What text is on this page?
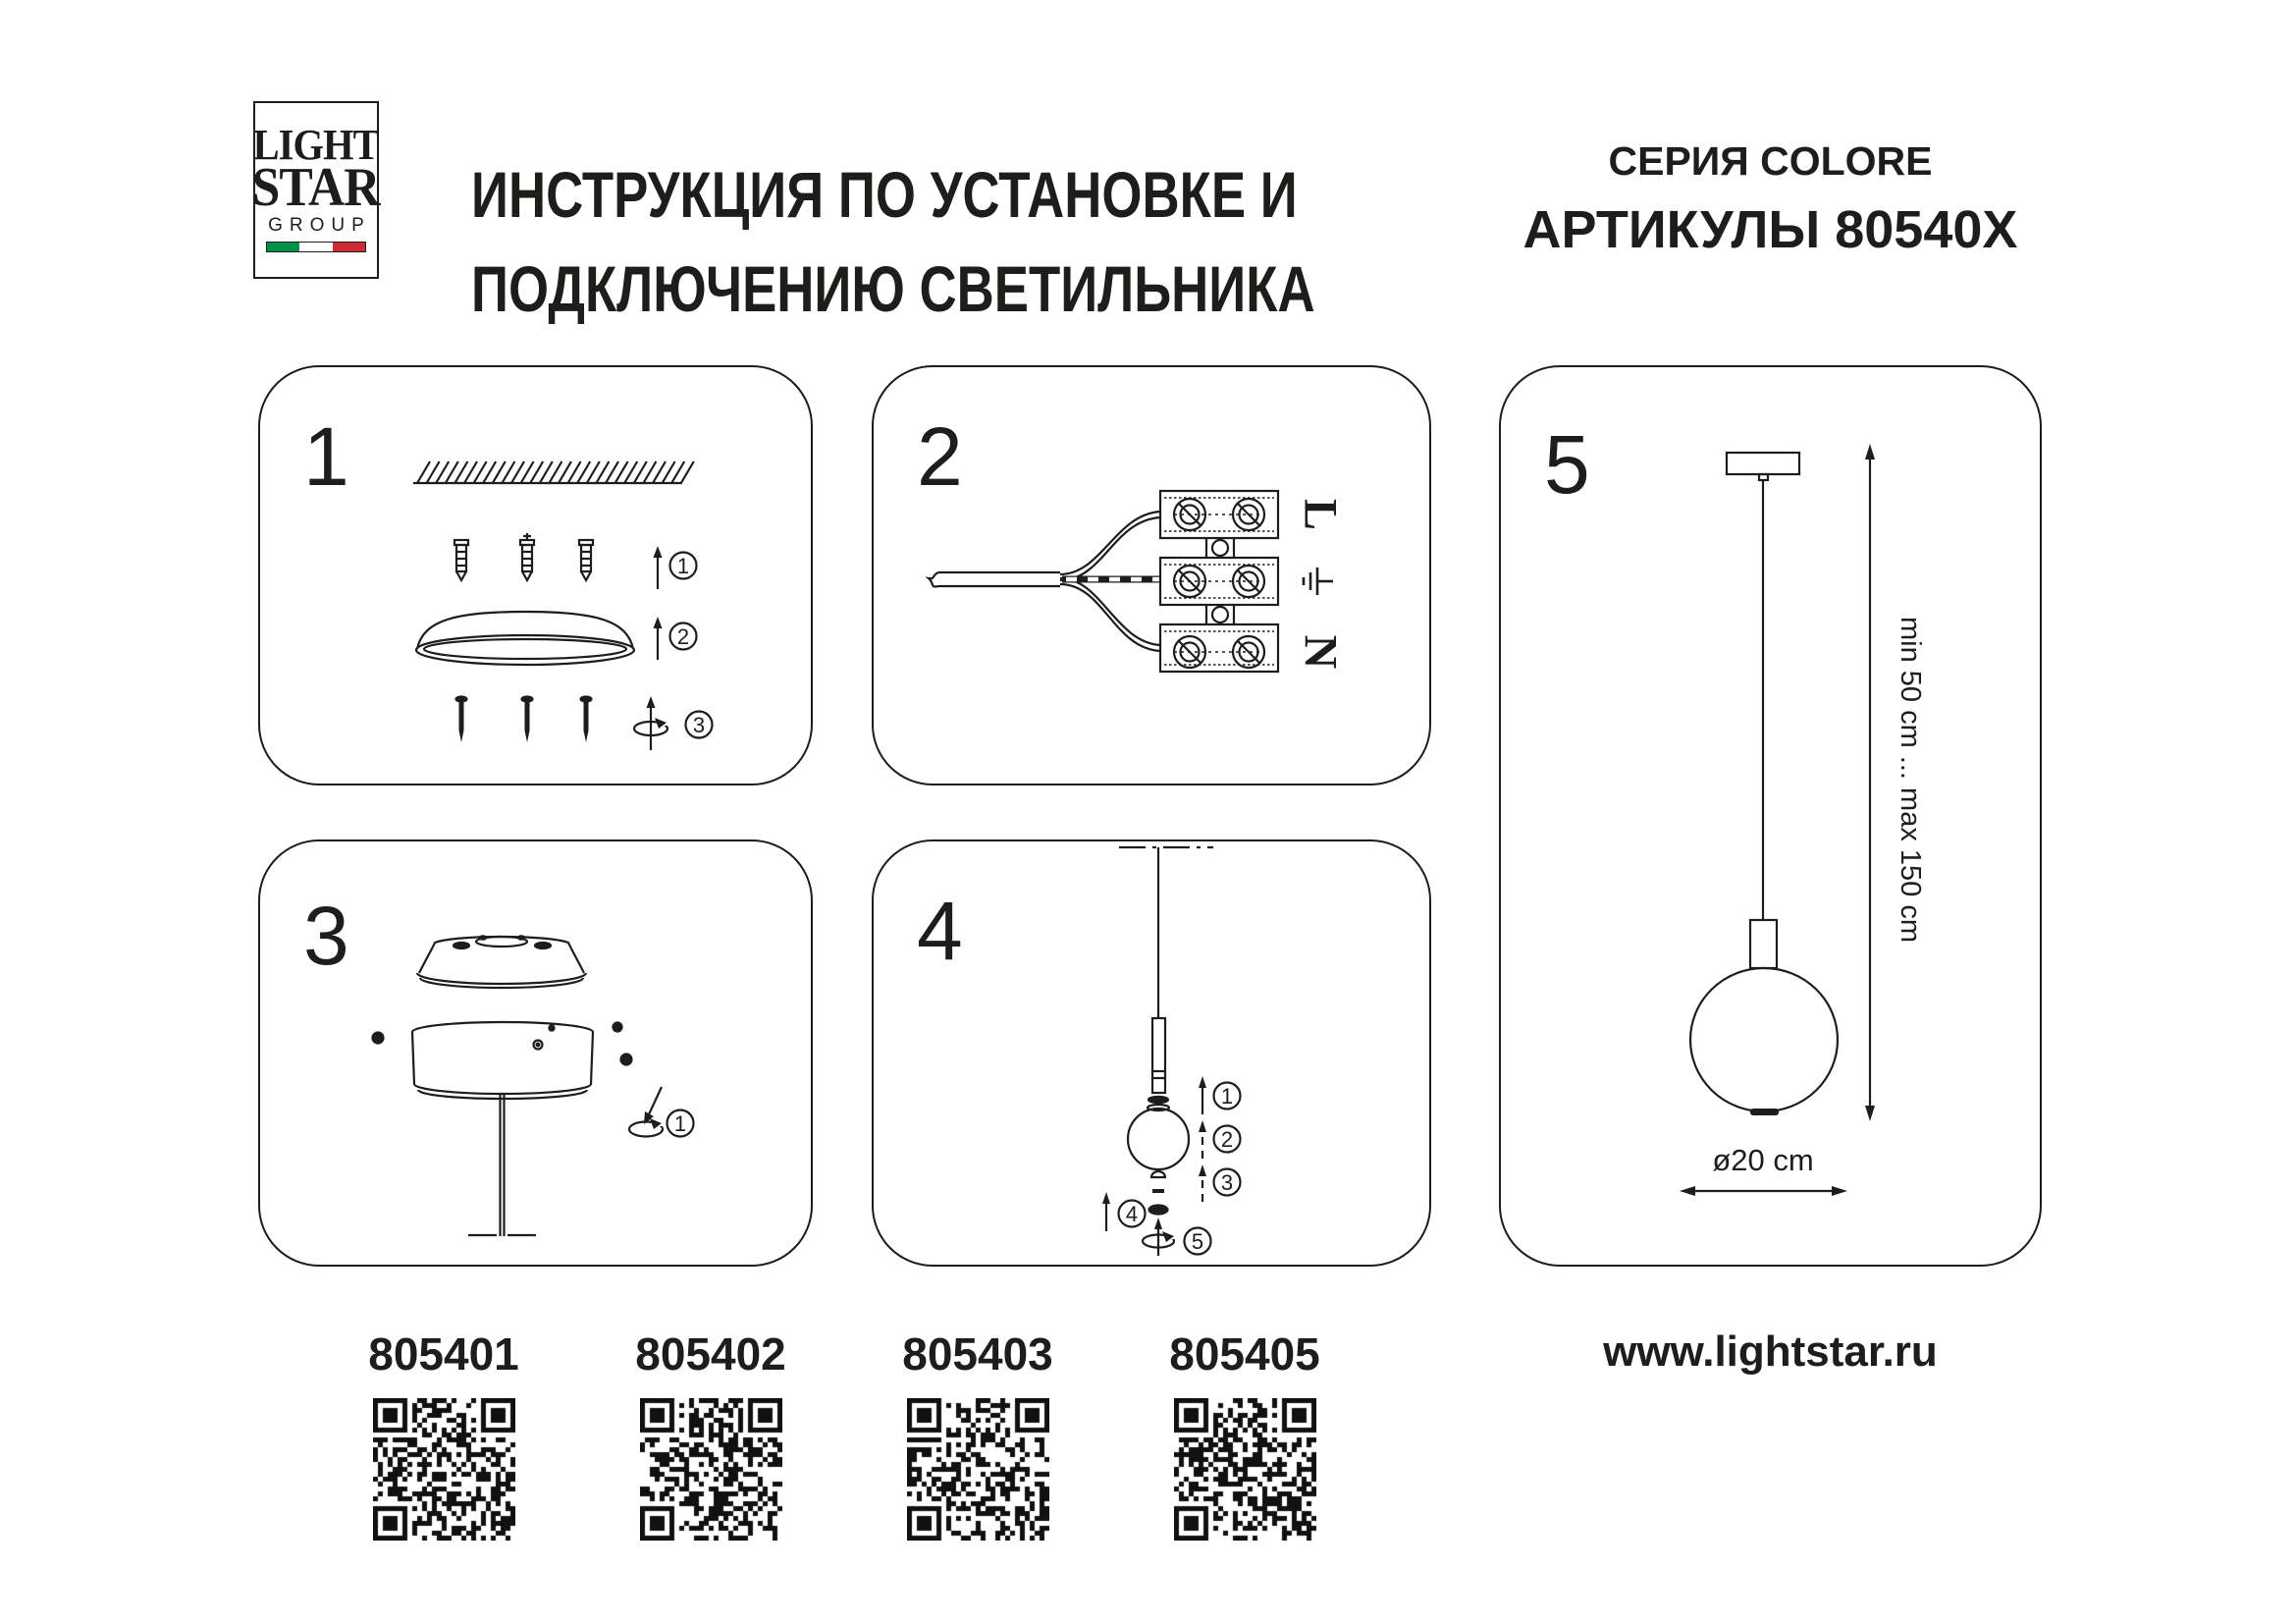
LIGHT
STAR
GROUP ИНСТРУКЦИЯ ПО УСТАНОВКЕ И
ПОДКЛЮЧЕНИЮ СВЕТИЛЬНИКА
СЕРИЯ COLORE
АРТИКУЛЫ 80540X
1
1
2
3
2
L
N
3
1
4
1
2
3
4
5
5
min 50 cm ... max 150 cm
ø20 cm
805401	805402	805403	805405	www.lightstar.ru
